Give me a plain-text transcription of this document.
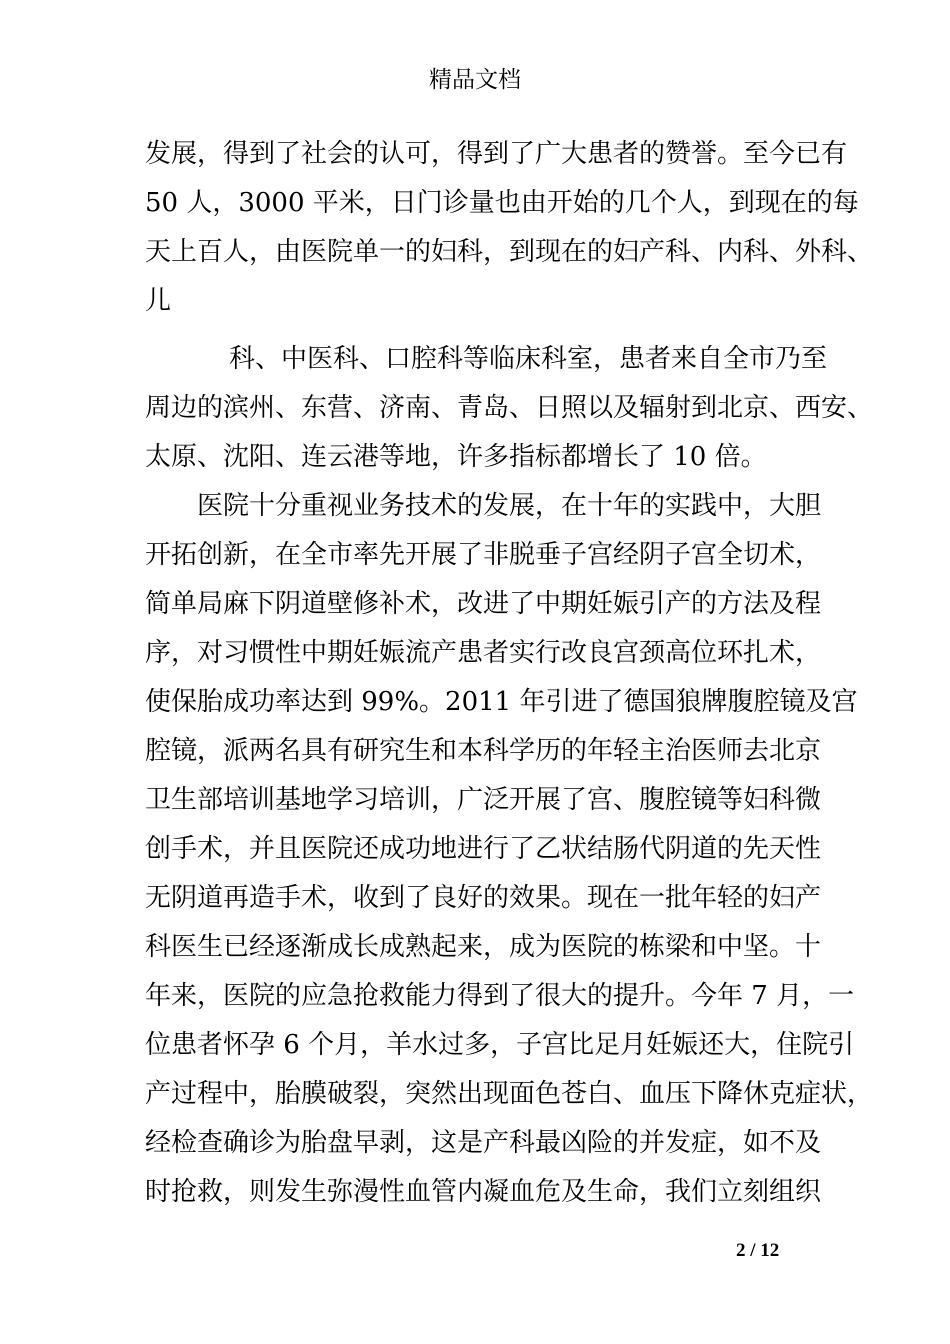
精品文档
发展，得到了社会的认可，得到了广大患者的赞誉。至今已有
50 人，3000 平米，日门诊量也由开始的几个人，到现在的每
天上百人，由医院单一的妇科，到现在的妇产科、内科、外科、
儿
科、中医科、口腔科等临床科室，患者来自全市乃至
周边的滨州、东营、济南、青岛、日照以及辐射到北京、西安、
太原、沈阳、连云港等地，许多指标都增长了 10 倍。
医院十分重视业务技术的发展，在十年的实践中，大胆
开拓创新，在全市率先开展了非脱垂子宫经阴子宫全切术，
简单局麻下阴道壁修补术，改进了中期妊娠引产的方法及程
序，对习惯性中期妊娠流产患者实行改良宫颈高位环扎术，
使保胎成功率达到 99%。2011 年引进了德国狼牌腹腔镜及宫
腔镜，派两名具有研究生和本科学历的年轻主治医师去北京
卫生部培训基地学习培训，广泛开展了宫、腹腔镜等妇科微
创手术，并且医院还成功地进行了乙状结肠代阴道的先天性
无阴道再造手术，收到了良好的效果。现在一批年轻的妇产
科医生已经逐渐成长成熟起来，成为医院的栋梁和中坚。十
年来，医院的应急抢救能力得到了很大的提升。今年 7 月，一
位患者怀孕 6 个月，羊水过多，子宫比足月妊娠还大，住院引
产过程中，胎膜破裂，突然出现面色苍白、血压下降休克症状，
经检查确诊为胎盘早剥，这是产科最凶险的并发症，如不及
时抢救，则发生弥漫性血管内凝血危及生命，我们立刻组织
2 / 12
